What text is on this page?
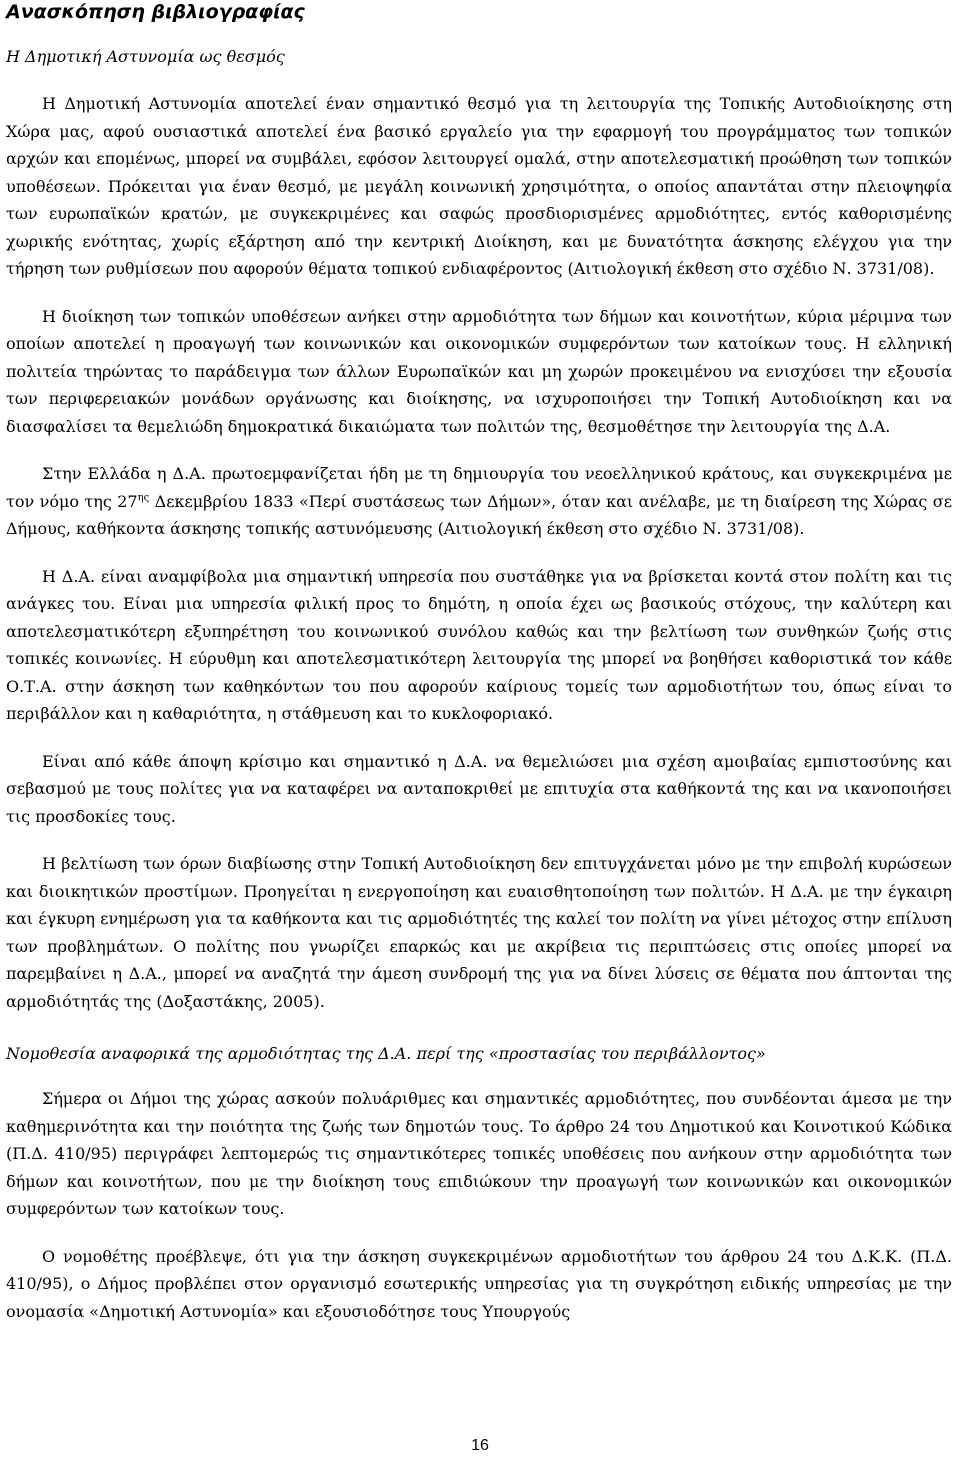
Ανασκόπηση βιβλιογραφίας
Η Δημοτική Αστυνομία ως θεσμός

Η Δημοτική Αστυνομία αποτελεί έναν σημαντικό θεσμό για τη λειτουργία της Τοπικής Αυτοδιοίκησης στη Χώρα μας, αφού ουσιαστικά αποτελεί ένα βασικό εργαλείο για την εφαρμογή του προγράμματος των τοπικών αρχών και επομένως, μπορεί να συμβάλει, εφόσον λειτουργεί ομαλά, στην αποτελεσματική προώθηση των τοπικών υποθέσεων. Πρόκειται για έναν θεσμό, με μεγάλη κοινωνική χρησιμότητα, ο οποίος απαντάται στην πλειοψηφία των ευρωπαϊκών κρατών, με συγκεκριμένες και σαφώς προσδιορισμένες αρμοδιότητες, εντός καθορισμένης χωρικής ενότητας, χωρίς εξάρτηση από την κεντρική Διοίκηση, και με δυνατότητα άσκησης ελέγχου για την τήρηση των ρυθμίσεων που αφορούν θέματα τοπικού ενδιαφέροντος (Αιτιολογική έκθεση στο σχέδιο Ν. 3731/08).

Η διοίκηση των τοπικών υποθέσεων ανήκει στην αρμοδιότητα των δήμων και κοινοτήτων, κύρια μέριμνα των οποίων αποτελεί η προαγωγή των κοινωνικών και οικονομικών συμφερόντων των κατοίκων τους. Η ελληνική πολιτεία τηρώντας το παράδειγμα των άλλων Ευρωπαϊκών και μη χωρών προκειμένου να ενισχύσει την εξουσία των περιφερειακών μονάδων οργάνωσης και διοίκησης, να ισχυροποιήσει την Τοπική Αυτοδιοίκηση και να διασφαλίσει τα θεμελιώδη δημοκρατικά δικαιώματα των πολιτών της, θεσμοθέτησε την λειτουργία της Δ.Α.

Στην Ελλάδα η Δ.Α. πρωτοεμφανίζεται ήδη με τη δημιουργία του νεοελληνικού κράτους, και συγκεκριμένα με τον νόμο της $27^{\eta\varsigma}$ Δεκεμβρίου 1833 «Περί συστάσεως των Δήμων», όταν και ανέλαβε, με τη διαίρεση της Χώρας σε Δήμους, καθήκοντα άσκησης τοπικής αστυνόμευσης (Αιτιολογική έκθεση στο σχέδιο Ν. 3731/08).

Η Δ.Α. είναι αναμφίβολα μια σημαντική υπηρεσία που συστάθηκε για να βρίσκεται κοντά στον πολίτη και τις ανάγκες του. Είναι μια υπηρεσία φιλική προς το δημότη, η οποία έχει ως βασικούς στόχους, την καλύτερη και αποτελεσματικότερη εξυπηρέτηση του κοινωνικού συνόλου καθώς και την βελτίωση των συνθηκών ζωής στις τοπικές κοινωνίες. Η εύρυθμη και αποτελεσματικότερη λειτουργία της μπορεί να βοηθήσει καθοριστικά τον κάθε Ο.Τ.Α. στην άσκηση των καθηκόντων του που αφορούν καίριους τομείς των αρμοδιοτήτων του, όπως είναι το περιβάλλον και η καθαριότητα, η στάθμευση και το κυκλοφοριακό.

Είναι από κάθε άποψη κρίσιμο και σημαντικό η Δ.Α. να θεμελιώσει μια σχέση αμοιβαίας εμπιστοσύνης και σεβασμού με τους πολίτες για να καταφέρει να ανταποκριθεί με επιτυχία στα καθήκοντά της και να ικανοποιήσει τις προσδοκίες τους.

Η βελτίωση των όρων διαβίωσης στην Τοπική Αυτοδιοίκηση δεν επιτυγχάνεται μόνο με την επιβολή κυρώσεων και διοικητικών προστίμων. Προηγείται η ενεργοποίηση και ευαισθητοποίηση των πολιτών. Η Δ.Α. με την έγκαιρη και έγκυρη ενημέρωση για τα καθήκοντα και τις αρμοδιότητές της καλεί τον πολίτη να γίνει μέτοχος στην επίλυση των προβλημάτων. Ο πολίτης που γνωρίζει επαρκώς και με ακρίβεια τις περιπτώσεις στις οποίες μπορεί να παρεμβαίνει η Δ.Α., μπορεί να αναζητά την άμεση συνδρομή της για να δίνει λύσεις σε θέματα που άπτονται της αρμοδιότητάς της (Δοξαστάκης, 2005).

Νομοθεσία αναφορικά της αρμοδιότητας της Δ.Α. περί της «προστασίας του περιβάλλοντος»

Σήμερα οι Δήμοι της χώρας ασκούν πολυάριθμες και σημαντικές αρμοδιότητες, που συνδέονται άμεσα με την καθημερινότητα και την ποιότητα της ζωής των δημοτών τους. Το άρθρο 24 του Δημοτικού και Κοινοτικού Κώδικα (Π.Δ. 410/95) περιγράφει λεπτομερώς τις σημαντικότερες τοπικές υποθέσεις που ανήκουν στην αρμοδιότητα των δήμων και κοινοτήτων, που με την διοίκηση τους επιδιώκουν την προαγωγή των κοινωνικών και οικονομικών συμφερόντων των κατοίκων τους.

Ο νομοθέτης προέβλεψε, ότι για την άσκηση συγκεκριμένων αρμοδιοτήτων του άρθρου 24 του Δ.Κ.Κ. (Π.Δ. 410/95), ο Δήμος προβλέπει στον οργανισμό εσωτερικής υπηρεσίας για τη συγκρότηση ειδικής υπηρεσίας με την ονομασία «Δημοτική Αστυνομία» και εξουσιοδότησε τους Υπουργούς

16
